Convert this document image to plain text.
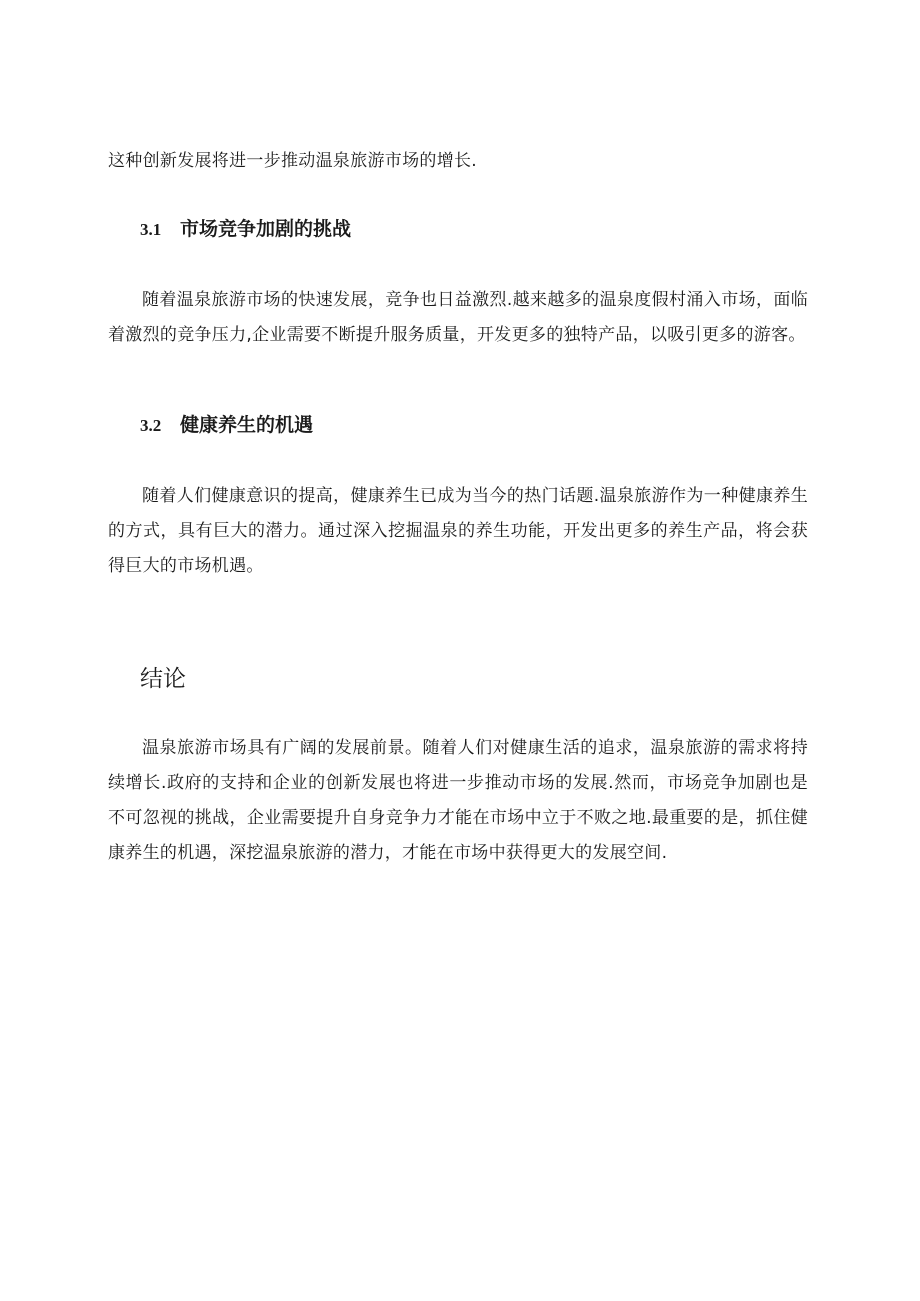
这种创新发展将进一步推动温泉旅游市场的增长.

3.1 市场竞争加剧的挑战

随着温泉旅游市场的快速发展，竞争也日益激烈.越来越多的温泉度假村涌入市场，面临着激烈的竞争压力,企业需要不断提升服务质量，开发更多的独特产品，以吸引更多的游客。

3.2 健康养生的机遇

随着人们健康意识的提高，健康养生已成为当今的热门话题.温泉旅游作为一种健康养生的方式，具有巨大的潜力。通过深入挖掘温泉的养生功能，开发出更多的养生产品，将会获得巨大的市场机遇。

结论

温泉旅游市场具有广阔的发展前景。随着人们对健康生活的追求，温泉旅游的需求将持续增长.政府的支持和企业的创新发展也将进一步推动市场的发展.然而，市场竞争加剧也是不可忽视的挑战，企业需要提升自身竞争力才能在市场中立于不败之地.最重要的是，抓住健康养生的机遇，深挖温泉旅游的潜力，才能在市场中获得更大的发展空间.
